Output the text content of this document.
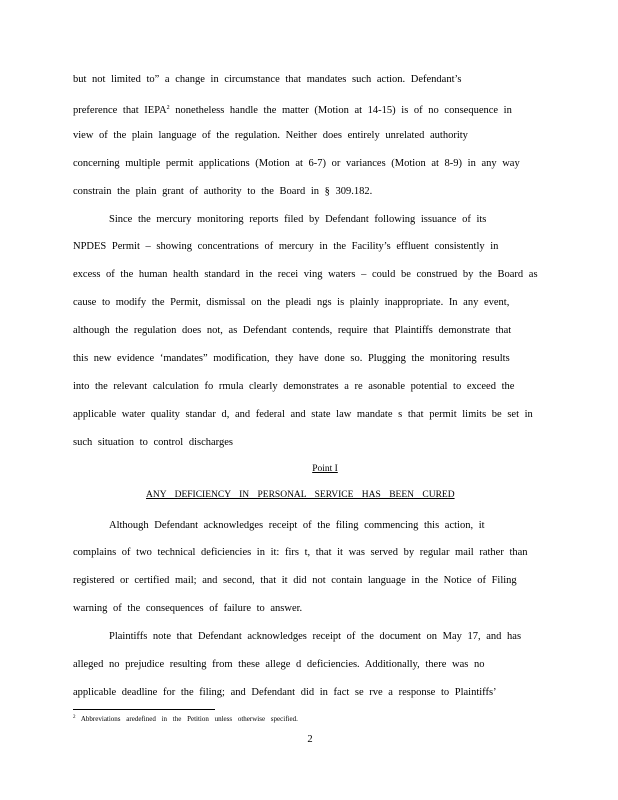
but not limited to” a change in circumstance that mandates such action. Defendant’s
preference that IEPA$^2$ nonetheless handle the matter (Motion at 14-15) is of no consequence in
view of the plain language of the regulation. Neither does entirely unrelated authority
concerning multiple permit applications (Motion at 6-7) or variances (Motion at 8-9) in any way
constrain the plain grant of authority to the Board in § 309.182.
Since the mercury monitoring reports filed by Defendant following issuance of its
NPDES Permit – showing concentrations of mercury in the Facility’s effluent consistently in
excess of the human health standard in the recei ving waters – could be construed by the Board as
cause to modify the Permit, dismissal on the pleadi ngs is plainly inappropriate. In any event,
although the regulation does not, as Defendant contends, require that Plaintiffs demonstrate that
this new evidence ‘mandates” modification, they have done so. Plugging the monitoring results
into the relevant calculation fo rmula clearly demonstrates a re asonable potential to exceed the
applicable water quality standar d, and federal and state law mandate s that permit limits be set in
such situation to control discharges
Point I
ANY DEFICIENCY IN PERSONAL SERVICE HAS BEEN CURED
Although Defendant acknowledges receipt of the filing commencing this action, it
complains of two technical deficiencies in it: firs t, that it was served by regular mail rather than
registered or certified mail; and second, that it did not contain language in the Notice of Filing
warning of the consequences of failure to answer.
Plaintiffs note that Defendant acknowledges receipt of the document on May 17, and has
alleged no prejudice resulting from these allege d deficiencies. Additionally, there was no
applicable deadline for the filing; and Defendant did in fact se rve a response to Plaintiffs’
$^2$ Abbreviations aredefined in the Petition unless otherwise specified.
2
